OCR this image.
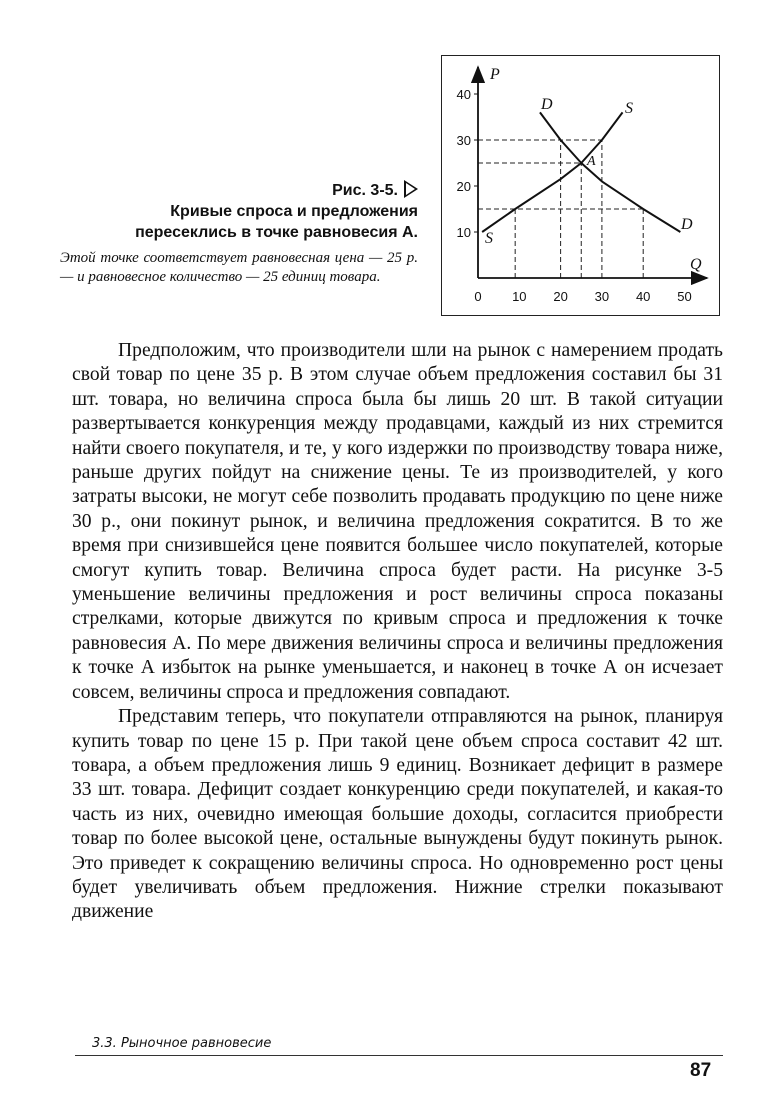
Рис. 3-5.
Кривые спроса и предложения
пересеклись в точке равновесия А.
Этой точке соответствует равновесная цена — 25 р. — и равновесное количество — 25 единиц товара.
0 10 20 30 40 50
10
20
30
40
D	S
D
S
A
P
Q

Предположим, что производители шли на рынок с намерением продать свой товар по цене 35 р. В этом случае объем предложения составил бы 31 шт. товара, но величина спроса была бы лишь 20 шт. В такой ситуации развертывается конкуренция между продавцами, каждый из них стремится найти своего покупателя, и те, у кого издержки по производству товара ниже, раньше других пойдут на снижение цены. Те из производителей, у кого затраты высоки, не могут себе позволить продавать продукцию по цене ниже 30 р., они покинут рынок, и величина предложения сократится. В то же время при снизившейся цене появится большее число покупателей, которые смогут купить товар. Величина спроса будет расти. На рисунке 3-5 уменьшение величины предложения и рост величины спроса показаны стрелками, которые движутся по кривым спроса и предложения к точке равновесия А. По мере движения величины спроса и величины предложения к точке А избыток на рынке уменьшается, и наконец в точке А он исчезает совсем, величины спроса и предложения совпадают.

Представим теперь, что покупатели отправляются на рынок, планируя купить товар по цене 15 р. При такой цене объем спроса составит 42 шт. товара, а объем предложения лишь 9 единиц. Возникает дефицит в размере 33 шт. товара. Дефицит создает конкуренцию среди покупателей, и какая-то часть из них, очевидно имеющая большие доходы, согласится приобрести товар по более высокой цене, остальные вынуждены будут покинуть рынок. Это приведет к сокращению величины спроса. Но одновременно рост цены будет увеличивать объем предложения. Нижние стрелки показывают движение

3.3. Рыночное равновесие
87
